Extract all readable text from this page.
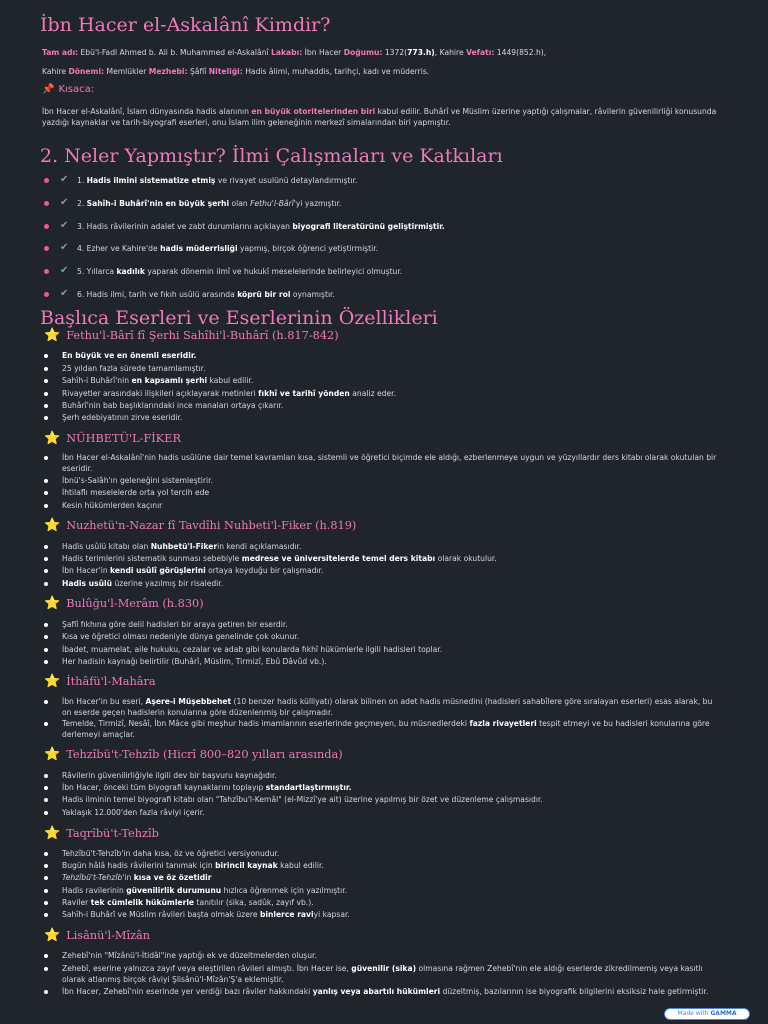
İbn Hacer el-Askalânî Kimdir?
Tam adı: Ebü'l-Fadl Ahmed b. Ali b. Muhammed el-Askalânî Lakabı: İbn Hacer Doğumu: 1372(773.h), Kahire Vefatı: 1449(852.h),
Kahire Dönemi: Memlükler Mezhebi: Şâfiî Niteliği: Hadis âlimi, muhaddis, tarihçi, kadı ve müderris.
📌 Kısaca:
İbn Hacer el-Askalânî, İslam dünyasında hadis alanının en büyük otoritelerinden biri kabul edilir. Buhârî ve Müslim üzerine yaptığı çalışmalar, râvilerin güvenilirliği konusunda yazdığı kaynaklar ve tarih-biyografi eserleri, onu İslam ilim geleneğinin merkezî simalarından biri yapmıştır.
2. Neler Yapmıştır? İlmi Çalışmaları ve Katkıları
✔ 1. Hadis ilmini sistematize etmiş ve rivayet usulünü detaylandırmıştır.
✔ 2. Sahîh-i Buhârî'nin en büyük şerhi olan Fethu'l-Bârî'yi yazmıştır.
✔ 3. Hadis râvilerinin adalet ve zabt durumlarını açıklayan biyografi literatürünü geliştirmiştir.
✔ 4. Ezher ve Kahire'de hadis müderrisliği yapmış, birçok öğrenci yetiştirmiştir.
✔ 5. Yıllarca kadılık yaparak dönemin ilmî ve hukukî meselelerinde belirleyici olmuştur.
✔ 6. Hadis ilmi, tarih ve fıkıh usûlü arasında köprü bir rol oynamıştır.
Başlıca Eserleri ve Eserlerinin Özellikleri
⭐ Fethu'l-Bârî fî Şerhi Sahîhi'l-Buhârî (h.817-842)
En büyük ve en önemli eseridir.
25 yıldan fazla sürede tamamlamıştır.
Sahîh-i Buhârî'nin en kapsamlı şerhi kabul edilir.
Rivayetler arasındaki ilişkileri açıklayarak metinleri fıkhî ve tarihî yönden analiz eder.
Buhârî'nin bab başlıklarındaki ince manaları ortaya çıkarır.
Şerh edebiyatının zirve eseridir.
⭐ NÜHBETÜ'L-FİKER
İbn Hacer el-Askalânî'nin hadis usûlüne dair temel kavramları kısa, sistemli ve öğretici biçimde ele aldığı, ezberlenmeye uygun ve yüzyıllardır ders kitabı olarak okutulan bir eseridir.
İbnü's-Salâh'ın geleneğini sistemleştirir.
İhtilaflı meselelerde orta yol tercih ede
Kesin hükümlerden kaçınır
⭐ Nuzhetü'n-Nazar fî Tavdîhi Nuhbeti'l-Fiker (h.819)
Hadis usûlü kitabı olan Nuhbetü'l-Fikerin kendi açıklamasıdır.
Hadis terimlerini sistematik sunması sebebiyle medrese ve üniversitelerde temel ders kitabı olarak okutulur.
İbn Hacer'in kendi usûlî görüşlerini ortaya koyduğu bir çalışmadır.
Hadis usûlü üzerine yazılmış bir risaledir.
⭐ Bulûğu'l-Merâm (h.830)
Şafiî fıkhına göre delil hadisleri bir araya getiren bir eserdir.
Kısa ve öğretici olması nedeniyle dünya genelinde çok okunur.
İbadet, muamelat, aile hukuku, cezalar ve adab gibi konularda fıkhî hükümlerle ilgili hadisleri toplar.
Her hadisin kaynağı belirtilir (Buhârî, Müslim, Tirmizî, Ebû Dâvûd vb.).
⭐ İthâfü'l-Mahâra
İbn Hacer'in bu eseri, Aşere-i Müşebbehet (10 benzer hadis külliyatı) olarak bilinen on adet hadis müsnedini (hadisleri sahabîlere göre sıralayan eserleri) esas alarak, bu on eserde geçen hadislerin konularına göre düzenlenmiş bir çalışmadır.
Temelde, Tirmizî, Nesâî, İbn Mâce gibi meşhur hadis imamlarının eserlerinde geçmeyen, bu müsnedlerdeki fazla rivayetleri tespit etmeyi ve bu hadisleri konularına göre derlemeyi amaçlar.
⭐ Tehzîbü't-Tehzîb (Hicrî 800–820 yılları arasında)
Râvilerin güvenilirliğiyle ilgili dev bir başvuru kaynağıdır.
İbn Hacer, önceki tüm biyografi kaynaklarını toplayıp standartlaştırmıştır.
Hadis ilminin temel biyografi kitabı olan "Tahzîbu'l-Kemâl" (el-Mizzî'ye ait) üzerine yapılmış bir özet ve düzenleme çalışmasıdır.
Yaklaşık 12.000'den fazla râviyi içerir.
⭐ Taqrîbü't-Tehzîb
Tehzîbü't-Tehzîb'in daha kısa, öz ve öğretici versiyonudur.
Bugün hâlâ hadis râvilerini tanımak için birincil kaynak kabul edilir.
Tehzîbü't-Tehzîb'in kısa ve öz özetidir
Hadis ravilerinin güvenilirlik durumunu hızlıca öğrenmek için yazılmıştır.
Raviler tek cümlelik hükümlerle tanıtılır (sika, sadûk, zayıf vb.).
Sahîh-i Buhârî ve Müslim râvileri başta olmak üzere binlerce raviyi kapsar.
⭐ Lisânü'l-Mîzân
Zehebî'nin "Mîzânü'l-İtidâl"ine yaptığı ek ve düzeltmelerden oluşur.
Zehebî, eserine yalnızca zayıf veya eleştirilen râvileri almıştı. İbn Hacer ise, güvenilir (sika) olmasına rağmen Zehebî'nin ele aldığı eserlerde zikredilmemiş veya kasıtlı olarak atlanmış birçok râviyi Şlisânü'l-Mîzân'Ş'a eklemiştir.
İbn Hacer, Zehebî'nin eserinde yer verdiği bazı râviler hakkındaki yanlış veya abartılı hükümleri düzeltmiş, bazılarının ise biyografik bilgilerini eksiksiz hale getirmiştir.
Made with GAMMA
